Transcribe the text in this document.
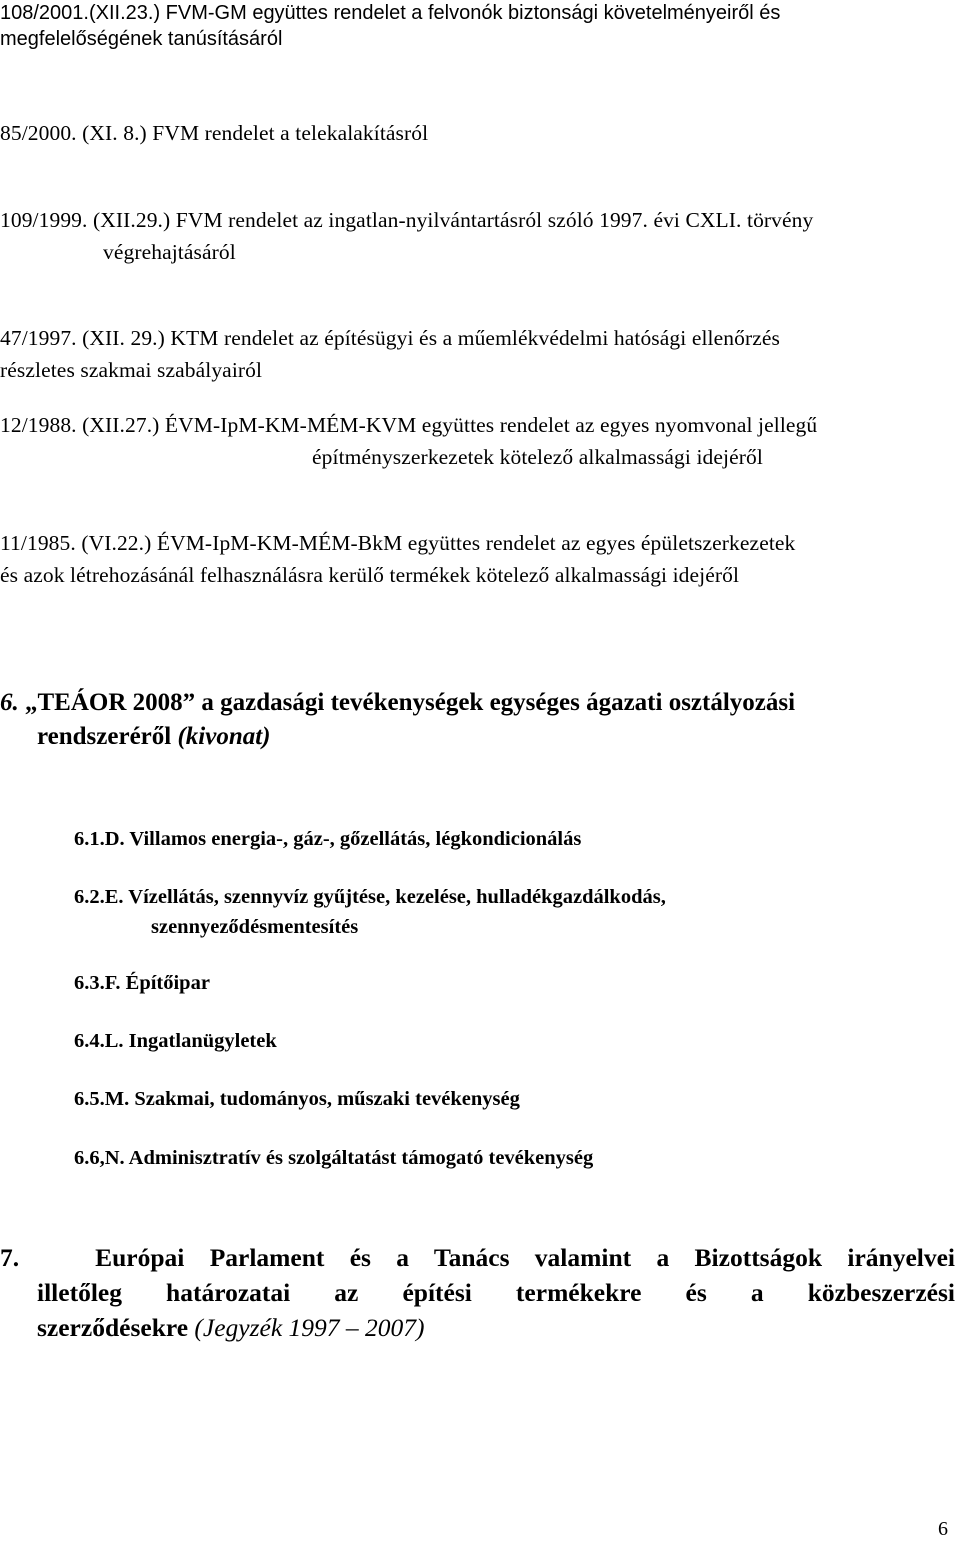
108/2001.(XII.23.) FVM-GM együttes rendelet a felvonók biztonsági követelményeiről és
megfelelőségének tanúsításáról
85/2000. (XI. 8.) FVM rendelet a telekalakításról
109/1999. (XII.29.) FVM rendelet az ingatlan-nyilvántartásról szóló 1997. évi CXLI. törvény
végrehajtásáról
47/1997. (XII. 29.) KTM rendelet az építésügyi és a műemlékvédelmi hatósági ellenőrzés
részletes szakmai szabályairól
12/1988. (XII.27.) ÉVM-IpM-KM-MÉM-KVM együttes rendelet az egyes nyomvonal jellegű
építményszerkezetek kötelező alkalmassági idejéről
11/1985. (VI.22.) ÉVM-IpM-KM-MÉM-BkM együttes rendelet az egyes épületszerkezetek
és azok létrehozásánál felhasználásra kerülő termékek kötelező alkalmassági idejéről
6. „TEÁOR 2008” a gazdasági tevékenységek egységes ágazati osztályozási
rendszeréről (kivonat)
6.1.D. Villamos energia-, gáz-, gőzellátás, légkondicionálás
6.2.E. Vízellátás, szennyvíz gyűjtése, kezelése, hulladékgazdálkodás,
szennyeződésmentesítés
6.3.F. Építőipar
6.4.L. Ingatlanügyletek
6.5.M. Szakmai, tudományos, műszaki tevékenység
6.6,N. Adminisztratív és szolgáltatást támogató tevékenység
7.	Európai Parlament és a Tanács valamint a Bizottságok irányelvei
illetőleg határozatai az építési termékekre és a közbeszerzési
szerződésekre (Jegyzék 1997 – 2007)
6
